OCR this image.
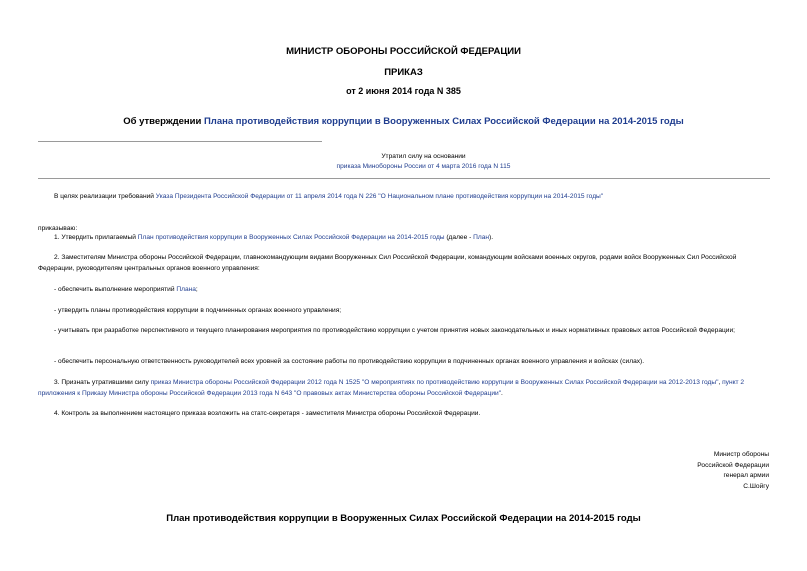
МИНИСТР ОБОРОНЫ РОССИЙСКОЙ ФЕДЕРАЦИИ
ПРИКАЗ
от 2 июня 2014 года N 385
Об утверждении Плана противодействия коррупции в Вооруженных Силах Российской Федерации на 2014-2015 годы
Утратил силу на основании
приказа Минобороны России от 4 марта 2016 года N 115
В целях реализации требований Указа Президента Российской Федерации от 11 апреля 2014 года N 226 "О Национальном плане противодействия коррупции на 2014-2015 годы"
приказываю:
1. Утвердить прилагаемый План противодействия коррупции в Вооруженных Силах Российской Федерации на 2014-2015 годы (далее - План).
2. Заместителям Министра обороны Российской Федерации, главнокомандующим видами Вооруженных Сил Российской Федерации, командующим войсками военных округов, родами войск Вооруженных Сил Российской Федерации, руководителям центральных органов военного управления:
- обеспечить выполнение мероприятий Плана;
- утвердить планы противодействия коррупции в подчиненных органах военного управления;
- учитывать при разработке перспективного и текущего планирования мероприятия по противодействию коррупции с учетом принятия новых законодательных и иных нормативных правовых актов Российской Федерации;
- обеспечить персональную ответственность руководителей всех уровней за состояние работы по противодействию коррупции в подчиненных органах военного управления и войсках (силах).
3. Признать утратившими силу приказ Министра обороны Российской Федерации 2012 года N 1525 "О мероприятиях по противодействию коррупции в Вооруженных Силах Российской Федерации на 2012-2013 годы", пункт 2 приложения к Приказу Министра обороны Российской Федерации 2013 года N 643 "О правовых актах Министерства обороны Российской Федерации".
4. Контроль за выполнением настоящего приказа возложить на статс-секретаря - заместителя Министра обороны Российской Федерации.
Министр обороны
Российской Федерации
генерал армии
С.Шойгу
План противодействия коррупции в Вооруженных Силах Российской Федерации на 2014-2015 годы
